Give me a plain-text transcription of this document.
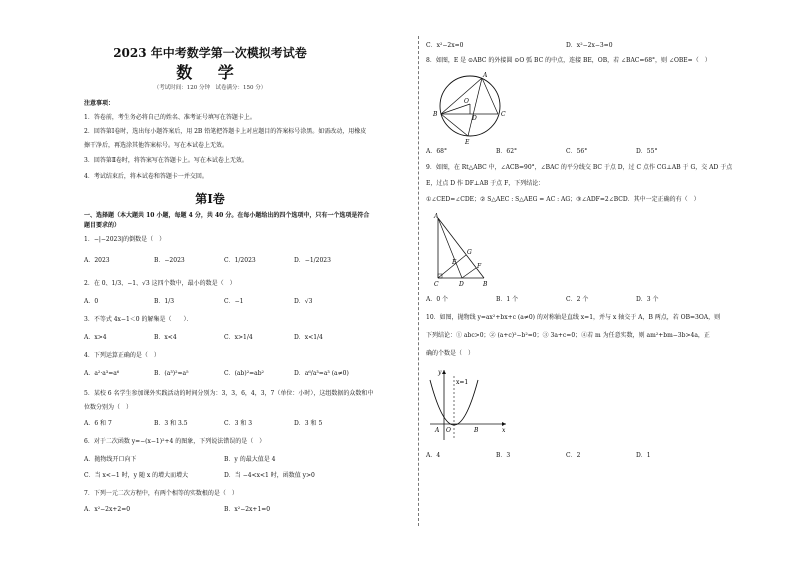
2023 年中考数学第一次模拟考试卷
数 学
（考试时间：120 分钟　试卷满分：150 分）
注意事项：
1．答卷前，考生务必将自己的姓名、准考证号填写在答题卡上。
2．回答第Ⅰ卷时，选出每小题答案后，用 2B 铅笔把答题卡上对应题目的答案标号涂黑。如需改动，用橡皮
擦干净后，再选涂其他答案标号。写在本试卷上无效。
3．回答第Ⅱ卷时，将答案写在答题卡上。写在本试卷上无效。
4．考试结束后，将本试卷和答题卡一并交回。
第Ⅰ卷
一、选择题（本大题共 10 小题，每题 4 分，共 40 分。在每小题给出的四个选项中，只有一个选项是符合
题目要求的）
1．−|−2023|的倒数是（　）
A．2023	B．−2023	C．1/2023	D．−1/2023
2．在 0、1/3、−1、√3 这四个数中，最小的数是（　）
A．0	B．1/3	C．−1	D．√3
3．不等式 4x−1＜0 的解集是（　　）．
A．x>4	B．x<4	C．x>1/4	D．x<1/4
4．下列运算正确的是（　）
A．a²·a³=a⁶	B．(a³)²=a⁵	C．(ab)²=ab²	D．a⁶/a³=a³ (a≠0)
5．某校 6 名学生参加课外实践活动的时间分别为：3，3，6，4，3，7（单位：小时），这组数据的众数和中
位数分别为（　）
A．6 和 7	B．3 和 3.5	C．3 和 3	D．3 和 5
6．对于二次函数 y=−(x−1)²+4 的图象，下列说法错误的是（　）
A．抛物线开口向下	B．y 的最大值是 4
C．当 x<−1 时，y 随 x 的增大而增大	D．当 −4<x<1 时，函数值 y>0
7．下列一元二次方程中，有两个相等的实数根的是（　）
A．x²−2x+2=0	B．x²−2x+1=0
C．x²−2x=0	D．x²−2x−3=0
8．如图，E 是 ⊙ABC 的外接圆 ⊙O 弧 BC 的中点，连接 BE，OB，若 ∠BAC=68°，则 ∠OBE=（　）
A
B	C
O
D
E
A．68°	B．62°	C．56°	D．55°
9．如图，在 Rt△ABC 中，∠ACB=90°，∠BAC 的平分线交 BC 于点 D，过 C 点作 CG⊥AB 于 G，交 AD 于点
E，过点 D 作 DF⊥AB 于点 F，下列结论：
①∠CED=∠CDE；② S△AEC : S△AEG = AC : AG；③∠ADF=2∠BCD．其中一定正确的有（　）
A
G
E
F
C	D	B
A．0 个	B．1 个	C．2 个	D．3 个
10．如图，抛物线 y=ax²+bx+c (a≠0) 的对称轴是直线 x=1，并与 x 轴交于 A，B 两点，若 OB=3OA，则
下列结论：① abc>0；② (a+c)²−b²=0；③ 3a+c=0；④若 m 为任意实数，则 am²+bm−3b>4a，正
确的个数是（　）
y
x=1
A O	B	x
A．4	B．3	C．2	D．1
